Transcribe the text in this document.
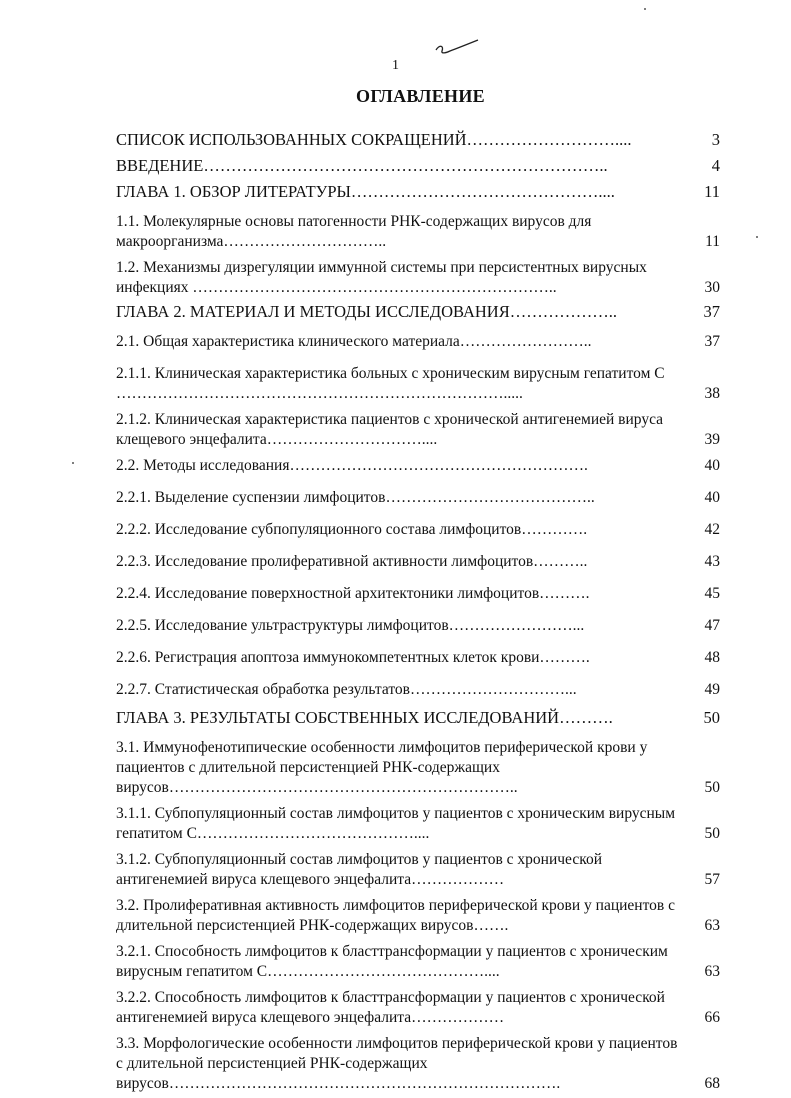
1
ОГЛАВЛЕНИЕ
СПИСОК ИСПОЛЬЗОВАННЫХ СОКРАЩЕНИЙ………………………....	3
ВВЕДЕНИЕ………………………………………………………………..	4
ГЛАВА 1. ОБЗОР ЛИТЕРАТУРЫ………………………………………....	11
1.1. Молекулярные основы патогенности РНК-содержащих вирусов для макроорганизма…………………………..	11
1.2. Механизмы дизрегуляции иммунной системы при персистентных вирусных инфекциях ……………………………………………………………..	30
ГЛАВА 2. МАТЕРИАЛ И МЕТОДЫ ИССЛЕДОВАНИЯ………………..	37
2.1. Общая характеристика клинического материала……………………..	37
2.1.1. Клиническая характеристика больных с хроническим вирусным гепатитом С ………………………………………………………………….....	38
2.1.2. Клиническая характеристика пациентов с хронической антигенемией вируса клещевого энцефалита…………………………....	39
2.2. Методы исследования………………………………………………….	40
2.2.1. Выделение суспензии лимфоцитов…………………………………..	40
2.2.2. Исследование субпопуляционного состава лимфоцитов………….	42
2.2.3. Исследование пролиферативной активности лимфоцитов………..	43
2.2.4. Исследование поверхностной архитектоники лимфоцитов……….	45
2.2.5. Исследование ультраструктуры лимфоцитов……………………...	47
2.2.6. Регистрация апоптоза иммунокомпетентных клеток крови……….	48
2.2.7. Статистическая обработка результатов…………………………...	49
ГЛАВА 3. РЕЗУЛЬТАТЫ СОБСТВЕННЫХ ИССЛЕДОВАНИЙ……….	50
3.1. Иммунофенотипические особенности лимфоцитов периферической крови у пациентов с длительной персистенцией РНК-содержащих вирусов…………………………………………………………..	50
3.1.1. Субпопуляционный состав лимфоцитов у пациентов с хроническим вирусным гепатитом С……………………………………....	50
3.1.2. Субпопуляционный состав лимфоцитов у пациентов с хронической антигенемией вируса клещевого энцефалита………………	57
3.2. Пролиферативная активность лимфоцитов периферической крови у пациентов с длительной персистенцией РНК-содержащих вирусов…….	63
3.2.1. Способность лимфоцитов к бласттрансформации у пациентов с хроническим вирусным гепатитом С……………………………………....	63
3.2.2. Способность лимфоцитов к бласттрансформации у пациентов с хронической антигенемией вируса клещевого энцефалита………………	66
3.3. Морфологические особенности лимфоцитов периферической крови у пациентов с длительной персистенцией РНК-содержащих вирусов………………………………………………………………….	68
